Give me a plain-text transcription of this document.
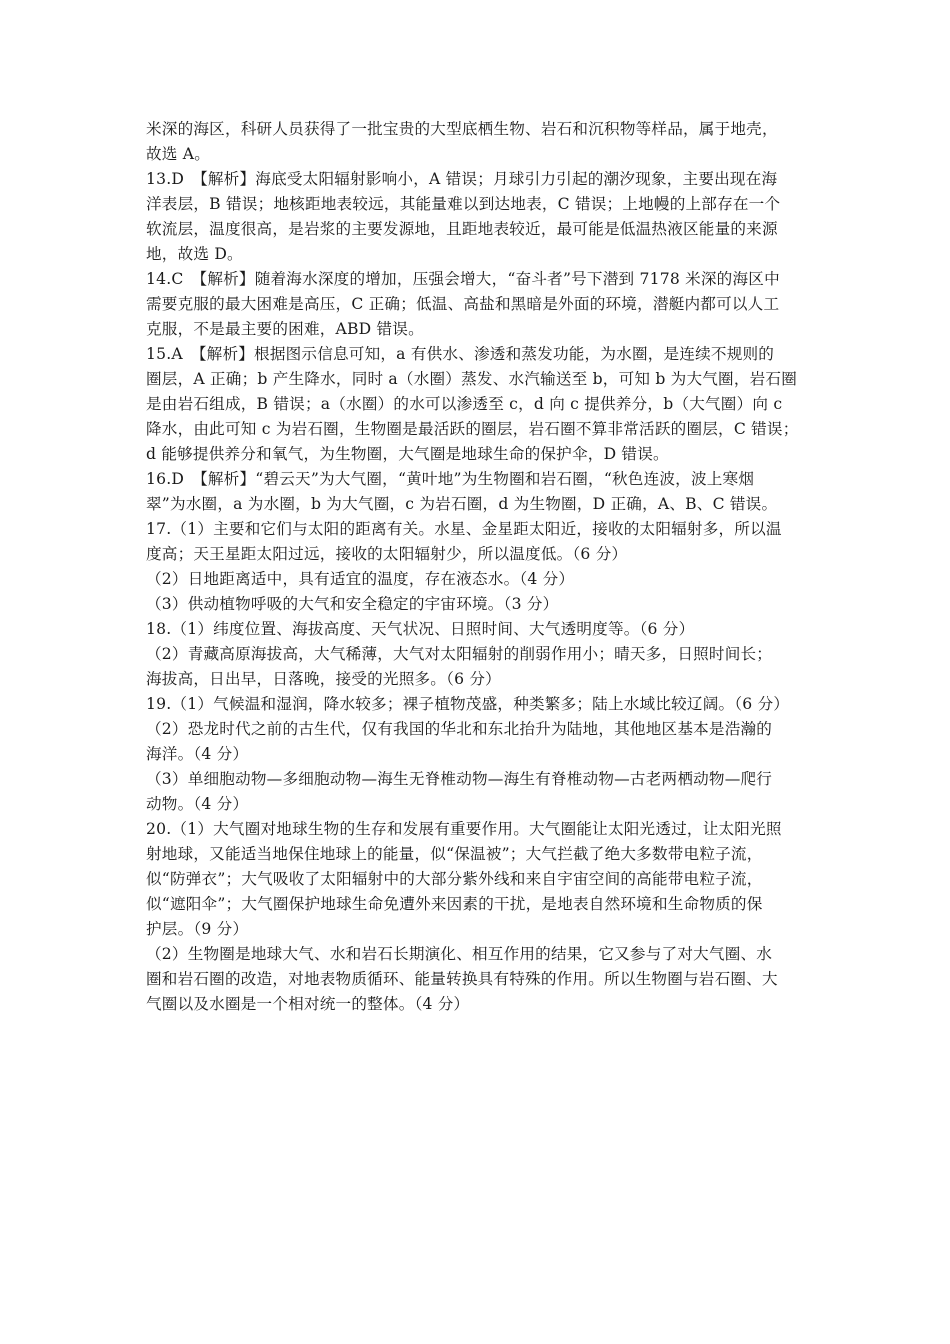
米深的海区，科研人员获得了一批宝贵的大型底栖生物、岩石和沉积物等样品，属于地壳，
故选 A。
13.D　【解析】海底受太阳辐射影响小，A 错误；月球引力引起的潮汐现象，主要出现在海
洋表层，B 错误；地核距地表较远，其能量难以到达地表，C 错误；上地幔的上部存在一个
软流层，温度很高，是岩浆的主要发源地，且距地表较近，最可能是低温热液区能量的来源
地，故选 D。
14.C　【解析】随着海水深度的增加，压强会增大，“奋斗者”号下潜到 7178 米深的海区中
需要克服的最大困难是高压，C 正确；低温、高盐和黑暗是外面的环境，潜艇内都可以人工
克服，不是最主要的困难，ABD 错误。
15.A　【解析】根据图示信息可知，a 有供水、渗透和蒸发功能，为水圈，是连续不规则的
圈层，A 正确；b 产生降水，同时 a（水圈）蒸发、水汽输送至 b，可知 b 为大气圈，岩石圈
是由岩石组成，B 错误；a（水圈）的水可以渗透至 c，d 向 c 提供养分，b（大气圈）向 c
降水，由此可知 c 为岩石圈，生物圈是最活跃的圈层，岩石圈不算非常活跃的圈层，C 错误；
d 能够提供养分和氧气，为生物圈，大气圈是地球生命的保护伞，D 错误。
16.D　【解析】“碧云天”为大气圈，“黄叶地”为生物圈和岩石圈，“秋色连波，波上寒烟
翠”为水圈，a 为水圈，b 为大气圈，c 为岩石圈，d 为生物圈，D 正确，A、B、C 错误。
17.（1）主要和它们与太阳的距离有关。水星、金星距太阳近，接收的太阳辐射多，所以温
度高；天王星距太阳过远，接收的太阳辐射少，所以温度低。（6 分）
（2）日地距离适中，具有适宜的温度，存在液态水。（4 分）
（3）供动植物呼吸的大气和安全稳定的宇宙环境。（3 分）
18.（1）纬度位置、海拔高度、天气状况、日照时间、大气透明度等。（6 分）
（2）青藏高原海拔高，大气稀薄，大气对太阳辐射的削弱作用小；晴天多，日照时间长；
海拔高，日出早，日落晚，接受的光照多。（6 分）
19.（1）气候温和湿润，降水较多；裸子植物茂盛，种类繁多；陆上水域比较辽阔。（6 分）
（2）恐龙时代之前的古生代，仅有我国的华北和东北抬升为陆地，其他地区基本是浩瀚的
海洋。（4 分）
（3）单细胞动物—多细胞动物—海生无脊椎动物—海生有脊椎动物—古老两栖动物—爬行
动物。（4 分）
20.（1）大气圈对地球生物的生存和发展有重要作用。大气圈能让太阳光透过，让太阳光照
射地球，又能适当地保住地球上的能量，似“保温被”；大气拦截了绝大多数带电粒子流，
似“防弹衣”；大气吸收了太阳辐射中的大部分紫外线和来自宇宙空间的高能带电粒子流，
似“遮阳伞”；大气圈保护地球生命免遭外来因素的干扰，是地表自然环境和生命物质的保
护层。（9 分）
（2）生物圈是地球大气、水和岩石长期演化、相互作用的结果，它又参与了对大气圈、水
圈和岩石圈的改造，对地表物质循环、能量转换具有特殊的作用。所以生物圈与岩石圈、大
气圈以及水圈是一个相对统一的整体。（4 分）
